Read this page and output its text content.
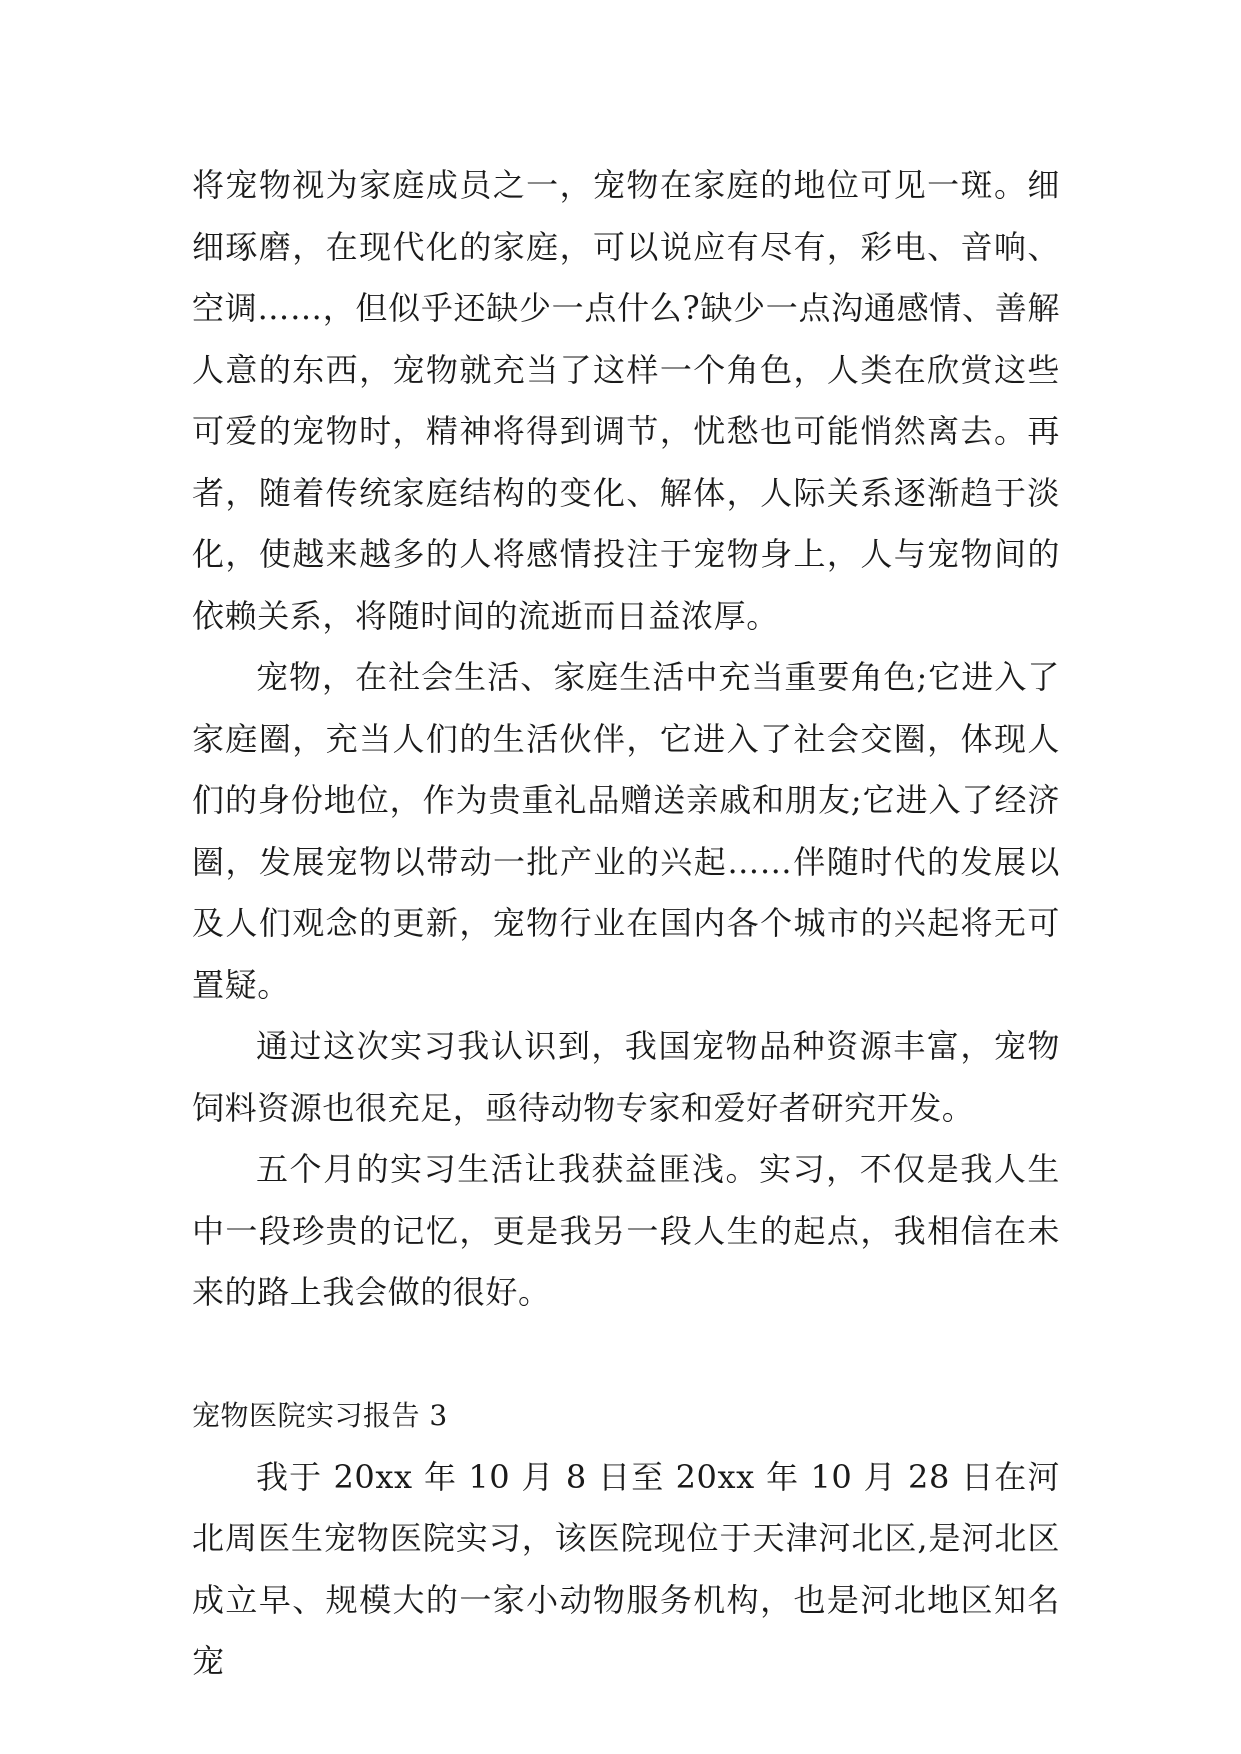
将宠物视为家庭成员之一，宠物在家庭的地位可见一斑。细细琢磨，在现代化的家庭，可以说应有尽有，彩电、音响、空调……，但似乎还缺少一点什么?缺少一点沟通感情、善解人意的东西，宠物就充当了这样一个角色，人类在欣赏这些可爱的宠物时，精神将得到调节，忧愁也可能悄然离去。再者，随着传统家庭结构的变化、解体，人际关系逐渐趋于淡化，使越来越多的人将感情投注于宠物身上，人与宠物间的依赖关系，将随时间的流逝而日益浓厚。

宠物，在社会生活、家庭生活中充当重要角色;它进入了家庭圈，充当人们的生活伙伴，它进入了社会交圈，体现人们的身份地位，作为贵重礼品赠送亲戚和朋友;它进入了经济圈，发展宠物以带动一批产业的兴起……伴随时代的发展以及人们观念的更新，宠物行业在国内各个城市的兴起将无可置疑。

通过这次实习我认识到，我国宠物品种资源丰富，宠物饲料资源也很充足，亟待动物专家和爱好者研究开发。

五个月的实习生活让我获益匪浅。实习，不仅是我人生中一段珍贵的记忆，更是我另一段人生的起点，我相信在未来的路上我会做的很好。

宠物医院实习报告 3

我于 20xx 年 10 月 8 日至 20xx 年 10 月 28 日在河北周医生宠物医院实习，该医院现位于天津河北区,是河北区成立早、规模大的一家小动物服务机构，也是河北地区知名宠
